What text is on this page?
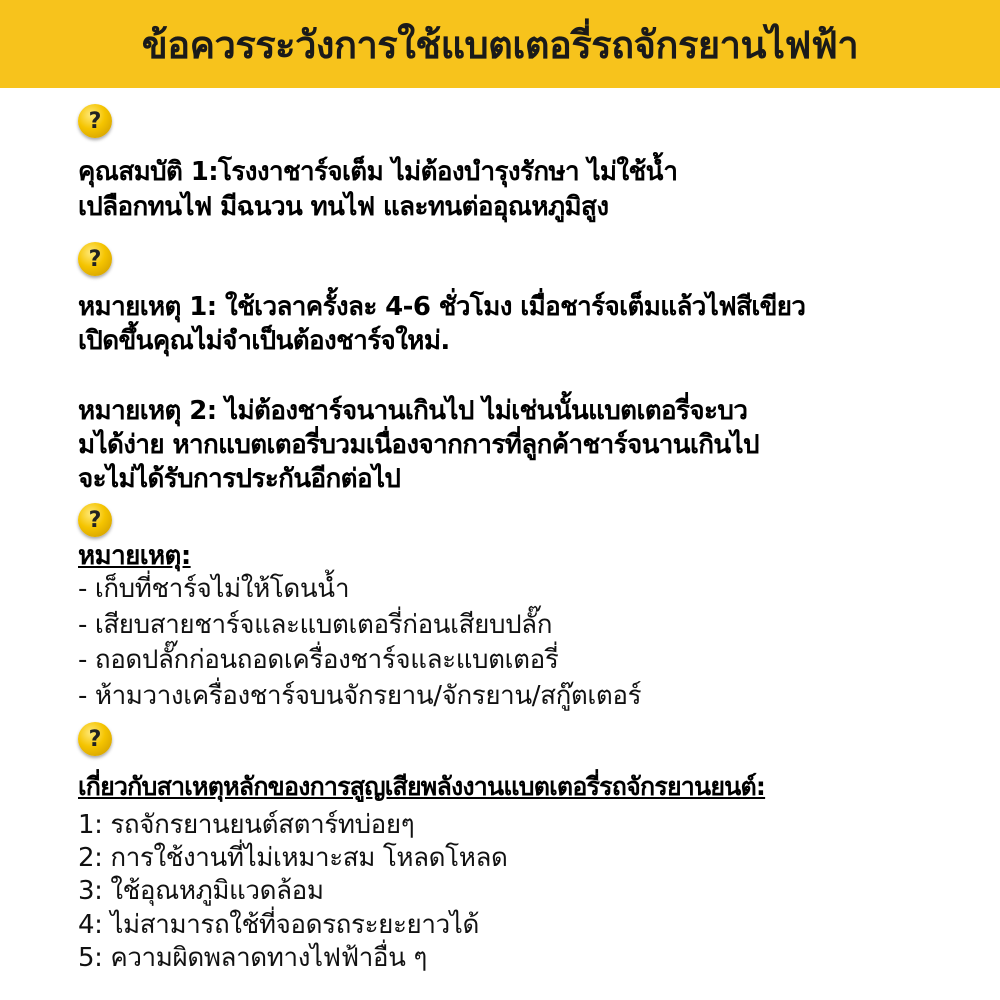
ข้อควรระวังการใช้แบตเตอรี่รถจักรยานไฟฟ้า
?
คุณสมบัติ 1:โรงงาชาร์จเต็ม ไม่ต้องบำรุงรักษา ไม่ใช้น้ำ
เปลือกทนไฟ มีฉนวน ทนไฟ และทนต่ออุณหภูมิสูง
?
หมายเหตุ 1: ใช้เวลาครั้งละ 4-6 ชั่วโมง เมื่อชาร์จเต็มแล้วไฟสีเขียว
เปิดขึ้นคุณไม่จำเป็นต้องชาร์จใหม่.
หมายเหตุ 2: ไม่ต้องชาร์จนานเกินไป ไม่เช่นนั้นแบตเตอรี่จะบว
มได้ง่าย หากแบตเตอรี่บวมเนื่องจากการที่ลูกค้าชาร์จนานเกินไป
จะไม่ได้รับการประกันอีกต่อไป
?
หมายเหตุ:
- เก็บที่ชาร์จไม่ให้โดนน้ำ
- เสียบสายชาร์จและแบตเตอรี่ก่อนเสียบปลั๊ก
- ถอดปลั๊กก่อนถอดเครื่องชาร์จและแบตเตอรี่
- ห้ามวางเครื่องชาร์จบนจักรยาน/จักรยาน/สกู๊ตเตอร์
?
เกี่ยวกับสาเหตุหลักของการสูญเสียพลังงานแบตเตอรี่รถจักรยานยนต์:
1: รถจักรยานยนต์สตาร์ทบ่อยๆ
2: การใช้งานที่ไม่เหมาะสม โหลดโหลด
3: ใช้อุณหภูมิแวดล้อม
4: ไม่สามารถใช้ที่จอดรถระยะยาวได้
5: ความผิดพลาดทางไฟฟ้าอื่น ๆ
